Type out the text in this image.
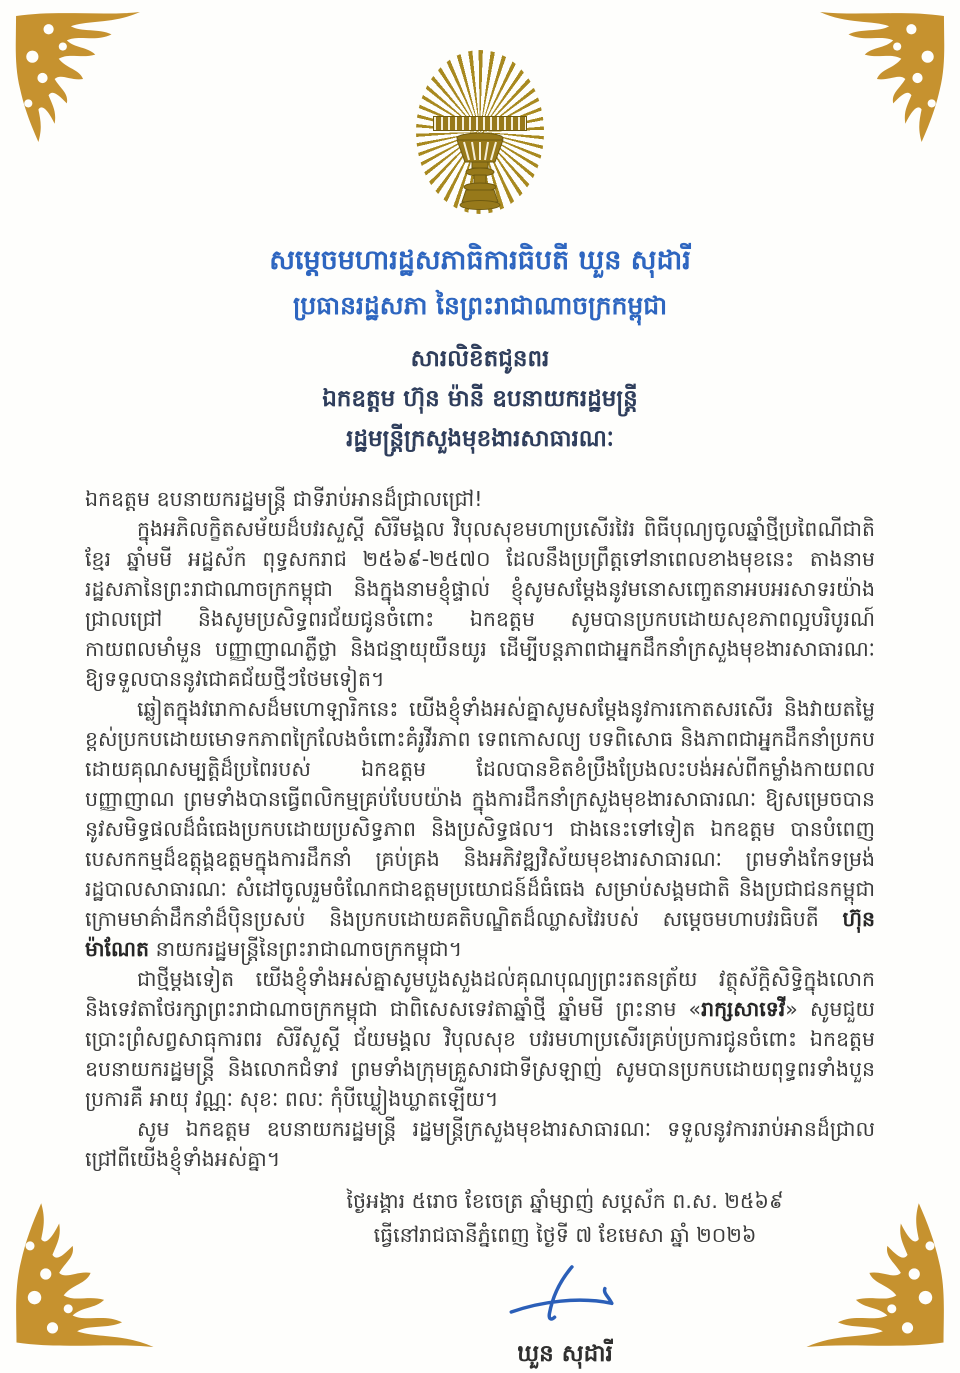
សម្តេចមហារដ្ឋសភាធិការធិបតី ឃួន សុដារី
ប្រធានរដ្ឋសភា នៃព្រះរាជាណាចក្រកម្ពុជា

សារលិខិតជូនពរ

ឯកឧត្តម ហ៊ុន ម៉ានី ឧបនាយករដ្ឋមន្ត្រី

រដ្ឋមន្ត្រីក្រសួងមុខងារសាធារណៈ

ឯកឧត្តម ឧបនាយករដ្ឋមន្ត្រី ជាទីរាប់អានដ៏ជ្រាលជ្រៅ!

ក្នុងអភិលក្ខិតសម័យដ៏បវរសួស្តី សិរីមង្គល វិបុលសុខមហាប្រសើរវៃរ ពិធីបុណ្យចូលឆ្នាំថ្មីប្រពៃណីជាតិខ្មែរ ឆ្នាំមមី អដ្ឋស័ក ពុទ្ធសករាជ ២៥៦៩-២៥៧០ ដែលនឹងប្រព្រឹត្តទៅនាពេលខាងមុខនេះ តាងនាមរដ្ឋសភានៃព្រះរាជាណាចក្រកម្ពុជា និងក្នុងនាមខ្ញុំផ្ទាល់ ខ្ញុំសូមសម្តែងនូវមនោសញ្ចេតនាអបអរសាទរយ៉ាងជ្រាលជ្រៅ និងសូមប្រសិទ្ធពរជ័យជូនចំពោះ ឯកឧត្តម សូមបានប្រកបដោយសុខភាពល្អបរិបូរណ៍ កាយពលមាំមួន បញ្ញាញាណភ្លឺថ្លា និងជន្មាយុយឺនយូរ ដើម្បីបន្តភាពជាអ្នកដឹកនាំក្រសួងមុខងារសាធារណៈ ឱ្យទទួលបាននូវជោគជ័យថ្មីៗថែមទៀត។

ឆ្លៀតក្នុងវរោកាសដ៏មហោឡារិកនេះ យើងខ្ញុំទាំងអស់គ្នាសូមសម្តែងនូវការកោតសរសើរ និងវាយតម្លៃខ្ពស់ប្រកបដោយមោទកភាពក្រៃលែងចំពោះគំរូវីរភាព ទេពកោសល្យ បទពិសោធ និងភាពជាអ្នកដឹកនាំប្រកបដោយគុណសម្បត្តិដ៏ប្រពៃរបស់ ឯកឧត្តម ដែលបានខិតខំប្រឹងប្រែងលះបង់អស់ពីកម្លាំងកាយពល បញ្ញាញាណ ព្រមទាំងបានធ្វើពលិកម្មគ្រប់បែបយ៉ាង ក្នុងការដឹកនាំក្រសួងមុខងារសាធារណៈ ឱ្យសម្រេចបាននូវសមិទ្ធផលដ៏ធំធេងប្រកបដោយប្រសិទ្ធភាព និងប្រសិទ្ធផល។ ជាងនេះទៅទៀត ឯកឧត្តម បានបំពេញបេសកកម្មដ៏ឧត្តុង្គឧត្តមក្នុងការដឹកនាំ គ្រប់គ្រង និងអភិវឌ្ឍវិស័យមុខងារសាធារណៈ ព្រមទាំងកែទម្រង់រដ្ឋបាលសាធារណៈ សំដៅចូលរួមចំណែកជាឧត្តមប្រយោជន៍ដ៏ធំធេង សម្រាប់សង្គមជាតិ និងប្រជាជនកម្ពុជា ក្រោមមាគ៌ាដឹកនាំដ៏ប៉ិនប្រសប់ និងប្រកបដោយគតិបណ្ឌិតដ៏ឈ្លាសវៃរបស់ សម្តេចមហាបវរធិបតី ហ៊ុន ម៉ាណែត នាយករដ្ឋមន្ត្រីនៃព្រះរាជាណាចក្រកម្ពុជា។

ជាថ្មីម្តងទៀត យើងខ្ញុំទាំងអស់គ្នាសូមបួងសួងដល់គុណបុណ្យព្រះរតនត្រ័យ វត្ថុស័ក្តិសិទ្ធិក្នុងលោក និងទេវតាថែរក្សាព្រះរាជាណាចក្រកម្ពុជា ជាពិសេសទេវតាឆ្នាំថ្មី ឆ្នាំមមី ព្រះនាម «រាក្សសាទេវី» សូមជួយប្រោះព្រំសព្វសាធុការពរ សិរីសួស្តី ជ័យមង្គល វិបុលសុខ បវរមហាប្រសើរគ្រប់ប្រការជូនចំពោះ ឯកឧត្តម ឧបនាយករដ្ឋមន្ត្រី និងលោកជំទាវ ព្រមទាំងក្រុមគ្រួសារជាទីស្រឡាញ់ សូមបានប្រកបដោយពុទ្ធពរទាំងបួនប្រការគឺ អាយុ វណ្ណៈ សុខៈ ពលៈ កុំបីឃ្លៀងឃ្លាតឡើយ។

សូម ឯកឧត្តម ឧបនាយករដ្ឋមន្ត្រី រដ្ឋមន្ត្រីក្រសួងមុខងារសាធារណៈ ទទួលនូវការរាប់អានដ៏ជ្រាលជ្រៅពីយើងខ្ញុំទាំងអស់គ្នា។

ថ្ងៃអង្គារ ៥រោច ខែចេត្រ ឆ្នាំម្សាញ់ សប្តស័ក ព.ស. ២៥៦៩
ធ្វើនៅរាជធានីភ្នំពេញ ថ្ងៃទី ៧ ខែមេសា ឆ្នាំ ២០២៦

ឃួន សុដារី
